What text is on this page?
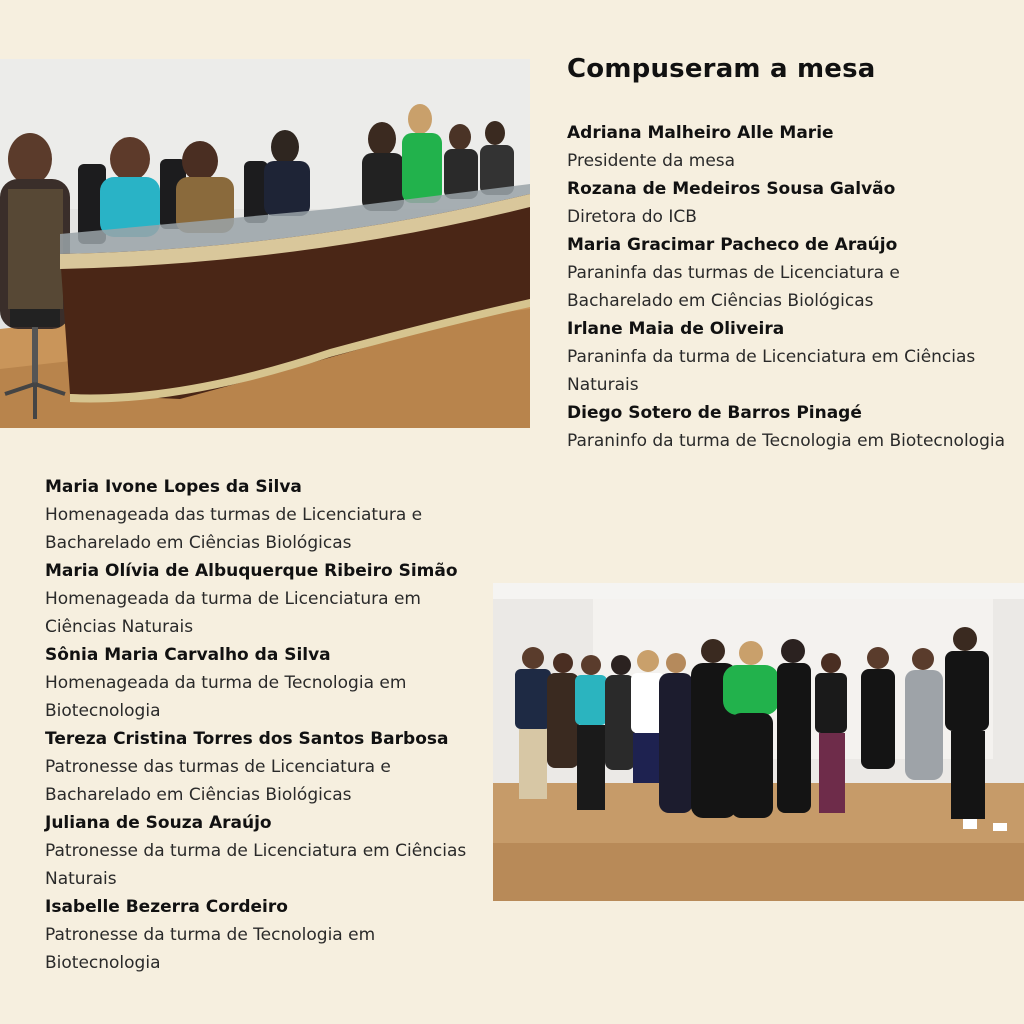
Compuseram a mesa
Adriana Malheiro Alle Marie
Presidente da mesa
Rozana de Medeiros Sousa Galvão
Diretora do ICB
Maria Gracimar Pacheco de Araújo
Paraninfa das turmas de Licenciatura e Bacharelado em Ciências Biológicas
Irlane Maia de Oliveira
Paraninfa da turma de Licenciatura em Ciências Naturais
Diego Sotero de Barros Pinagé
Paraninfo da turma de Tecnologia em Biotecnologia
Maria Ivone Lopes da Silva
Homenageada das turmas de Licenciatura e Bacharelado em Ciências Biológicas
Maria Olívia de Albuquerque Ribeiro Simão
Homenageada da turma de Licenciatura em Ciências Naturais
Sônia Maria Carvalho da Silva
Homenageada da turma de Tecnologia em Biotecnologia
Tereza Cristina Torres dos Santos Barbosa
Patronesse das turmas de Licenciatura e Bacharelado em Ciências Biológicas
Juliana de Souza Araújo
Patronesse da turma de Licenciatura em Ciências Naturais
Isabelle Bezerra Cordeiro
Patronesse da turma de Tecnologia em Biotecnologia
